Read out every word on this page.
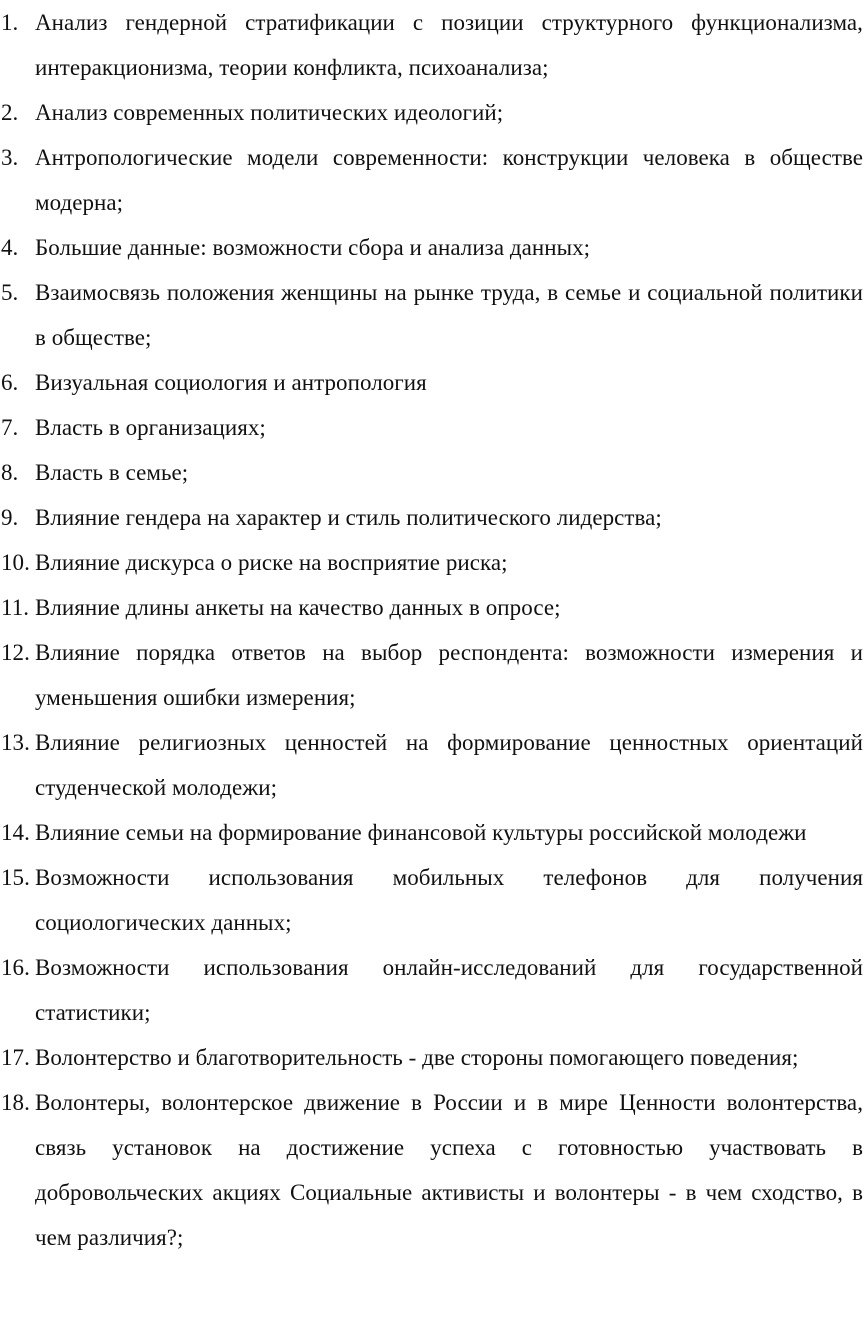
1. Анализ гендерной стратификации с позиции структурного функционализма, интеракционизма, теории конфликта, психоанализа;
2. Анализ современных политических идеологий;
3. Антропологические модели современности: конструкции человека в обществе модерна;
4. Большие данные: возможности сбора и анализа данных;
5. Взаимосвязь положения женщины на рынке труда, в семье и социальной политики в обществе;
6. Визуальная социология и антропология
7. Власть в организациях;
8. Власть в семье;
9. Влияние гендера на характер и стиль политического лидерства;
10. Влияние дискурса о риске на восприятие риска;
11. Влияние длины анкеты на качество данных в опросе;
12. Влияние порядка ответов на выбор респондента: возможности измерения и уменьшения ошибки измерения;
13. Влияние религиозных ценностей на формирование ценностных ориентаций студенческой молодежи;
14. Влияние семьи на формирование финансовой культуры российской молодежи
15. Возможности использования мобильных телефонов для получения социологических данных;
16. Возможности использования онлайн-исследований для государственной статистики;
17. Волонтерство и благотворительность - две стороны помогающего поведения;
18. Волонтеры, волонтерское движение в России и в мире Ценности волонтерства, связь установок на достижение успеха с готовностью участвовать в добровольческих акциях Социальные активисты и волонтеры - в чем сходство, в чем различия?;
